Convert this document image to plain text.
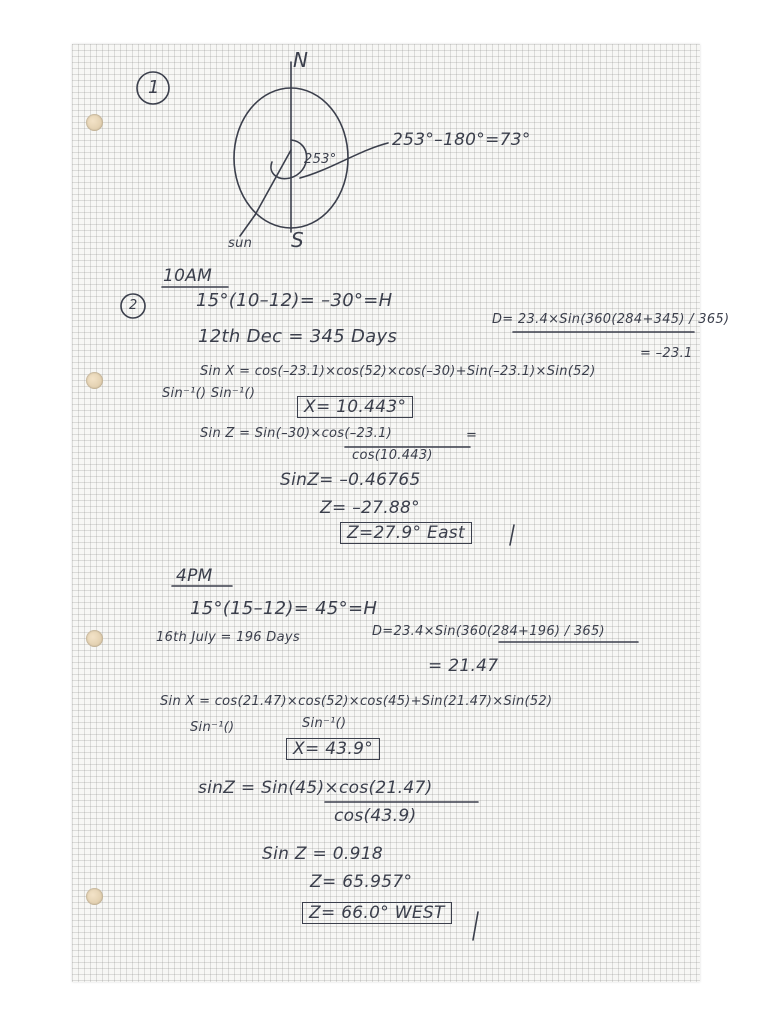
1
N
S
sun
253°
253°–180°=73°
2
10AM
15°(10–12)= –30°=H
12th Dec = 345 Days
D= 23.4×Sin(360(284+345) / 365)
= –23.1
Sin X = cos(–23.1)×cos(52)×cos(–30)+Sin(–23.1)×Sin(52)
Sin⁻¹() Sin⁻¹()
X= 10.443°
Sin Z = Sin(–30)×cos(–23.1)	=
cos(10.443)
SinZ= –0.46765
Z= –27.88°
Z=27.9° East
4PM
15°(15–12)= 45°=H
16th July = 196 Days	D=23.4×Sin(360(284+196) / 365)
= 21.47
Sin X = cos(21.47)×cos(52)×cos(45)+Sin(21.47)×Sin(52)
Sin⁻¹()	Sin⁻¹()
X= 43.9°
sinZ = Sin(45)×cos(21.47)
cos(43.9)
Sin Z = 0.918
Z= 65.957°
Z= 66.0° WEST
